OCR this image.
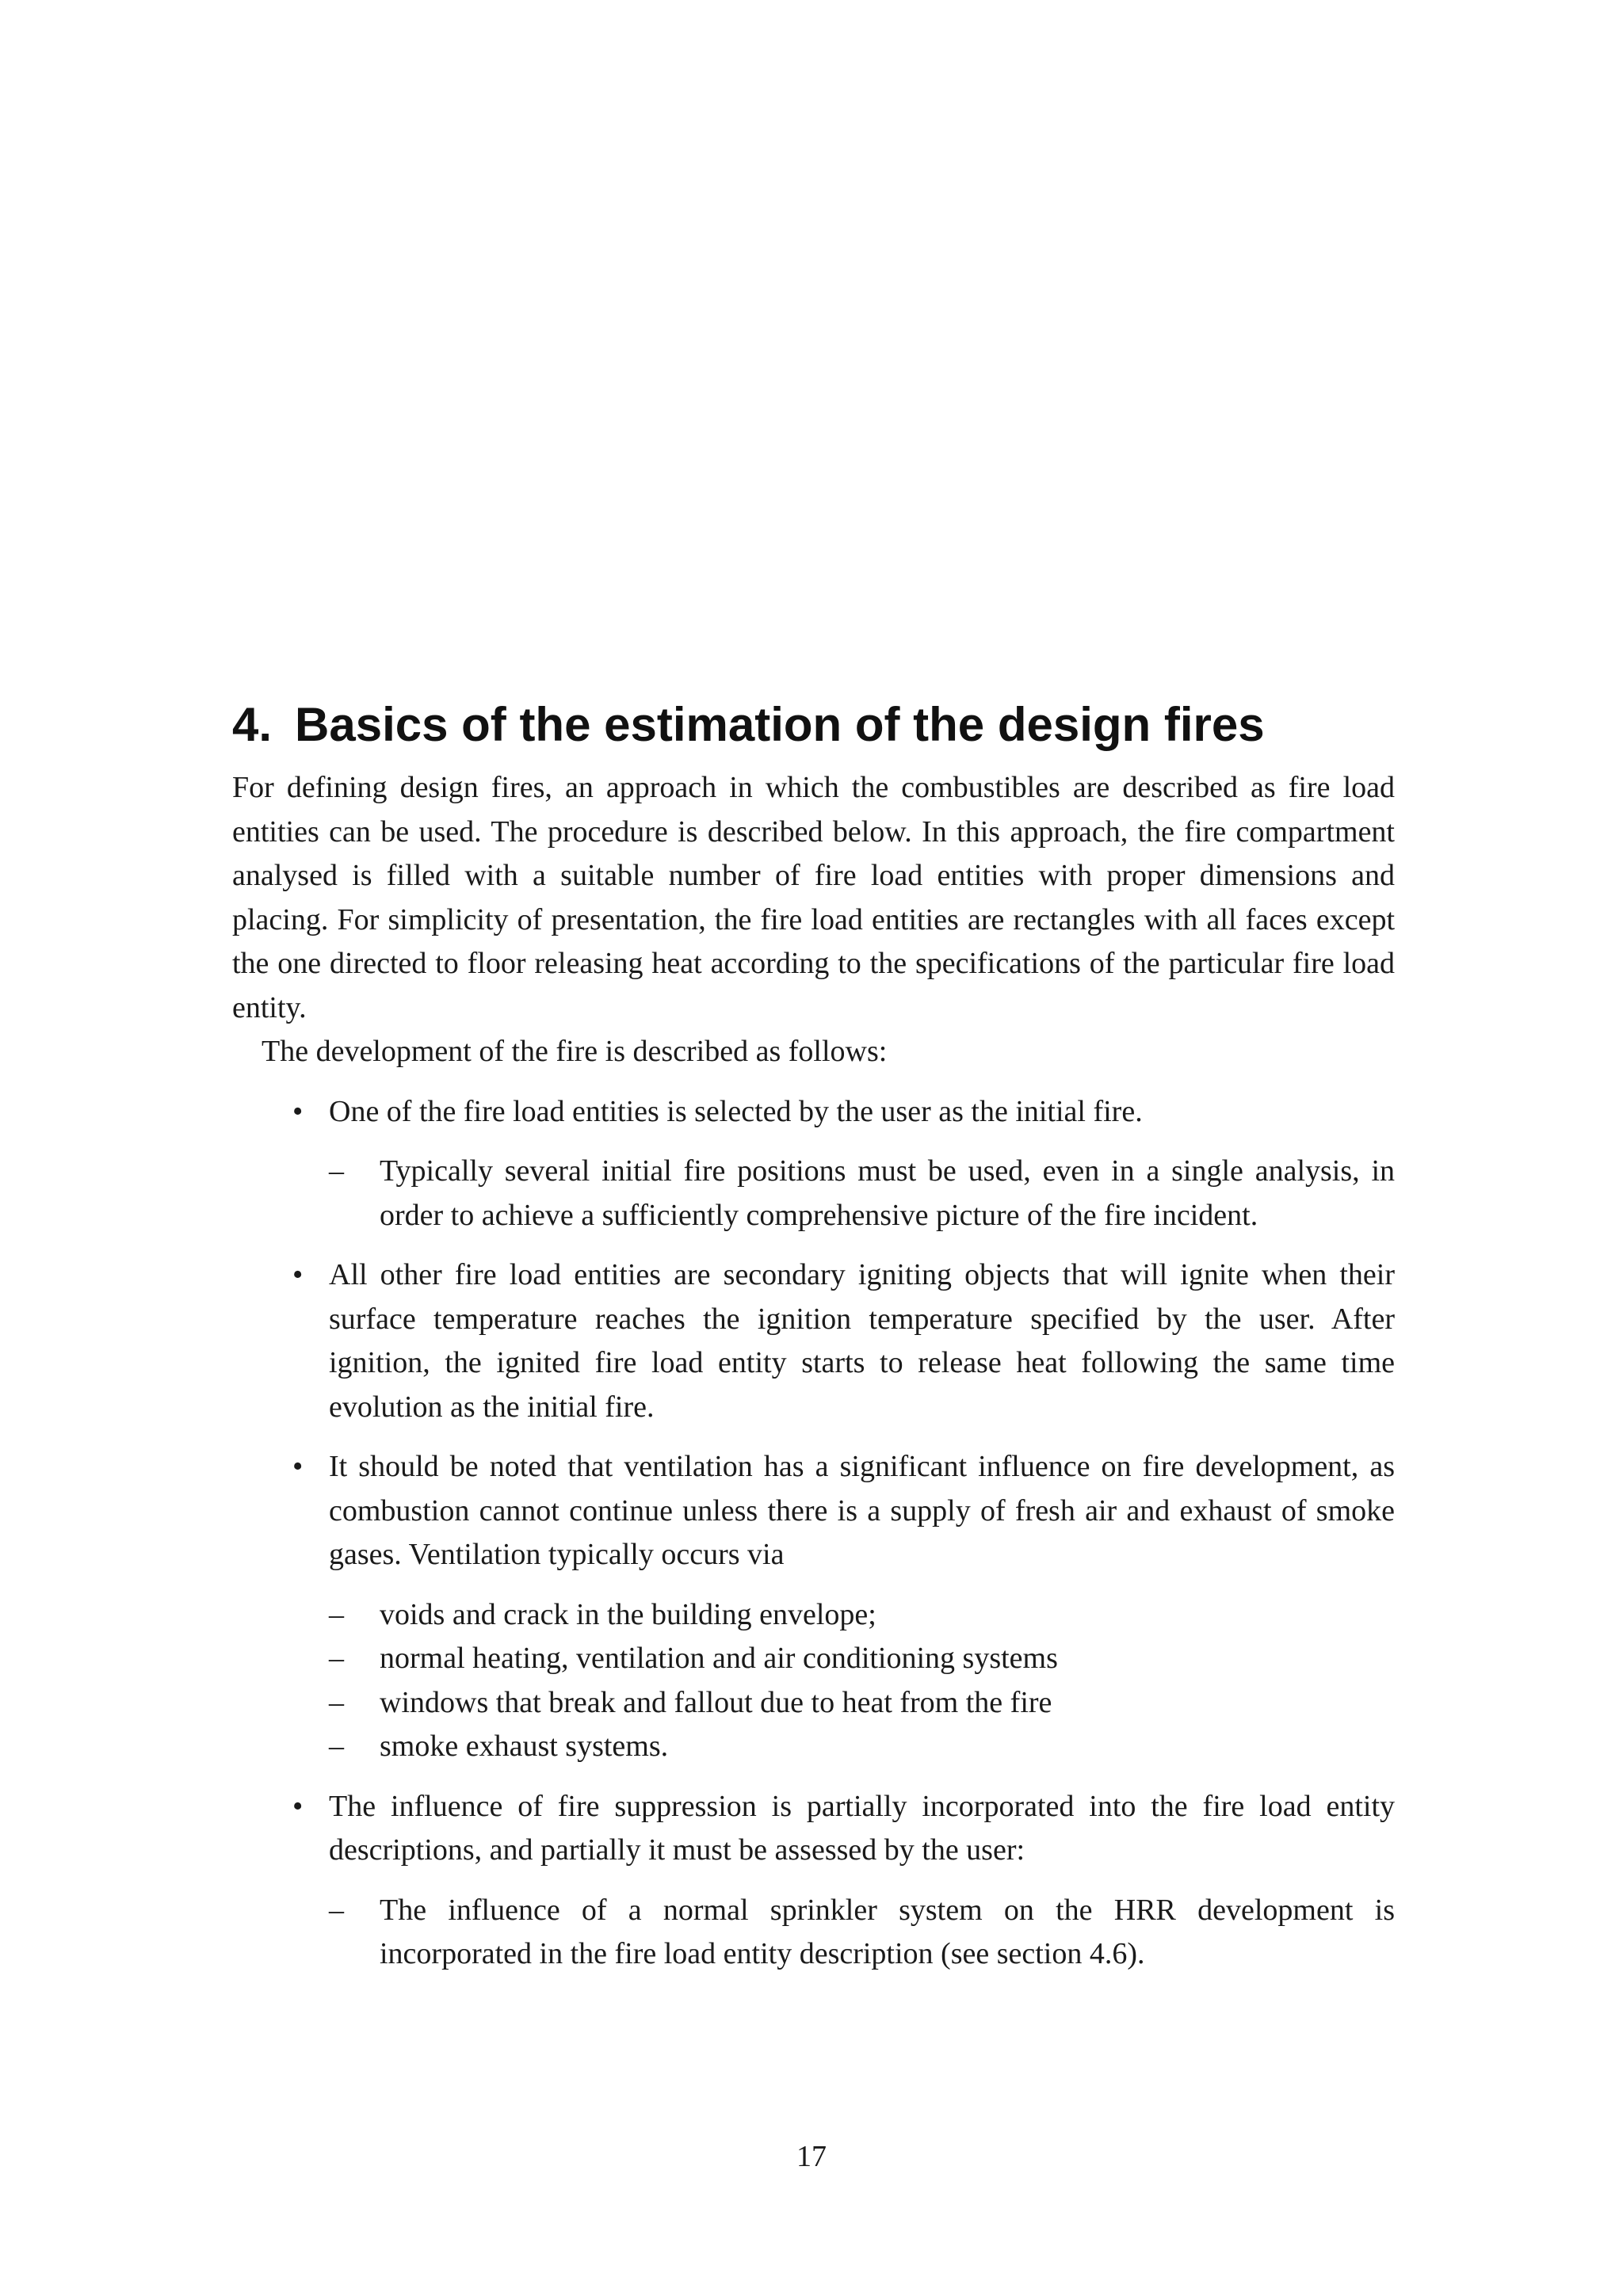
4. Basics of the estimation of the design fires

For defining design fires, an approach in which the combustibles are described as fire load entities can be used. The procedure is described below. In this approach, the fire compartment analysed is filled with a suitable number of fire load entities with proper dimensions and placing. For simplicity of presentation, the fire load entities are rectangles with all faces except the one directed to floor releasing heat according to the specifications of the particular fire load entity.

The development of the fire is described as follows:

• One of the fire load entities is selected by the user as the initial fire.
–	Typically several initial fire positions must be used, even in a single analysis, in order to achieve a sufficiently comprehensive picture of the fire incident.
• All other fire load entities are secondary igniting objects that will ignite when their surface temperature reaches the ignition temperature specified by the user. After ignition, the ignited fire load entity starts to release heat following the same time evolution as the initial fire.
• It should be noted that ventilation has a significant influence on fire development, as combustion cannot continue unless there is a supply of fresh air and exhaust of smoke gases. Ventilation typically occurs via
–	voids and crack in the building envelope;
–	normal heating, ventilation and air conditioning systems
–	windows that break and fallout due to heat from the fire
–	smoke exhaust systems.
• The influence of fire suppression is partially incorporated into the fire load entity descriptions, and partially it must be assessed by the user:
–	The influence of a normal sprinkler system on the HRR development is incorporated in the fire load entity description (see section 4.6).
17
